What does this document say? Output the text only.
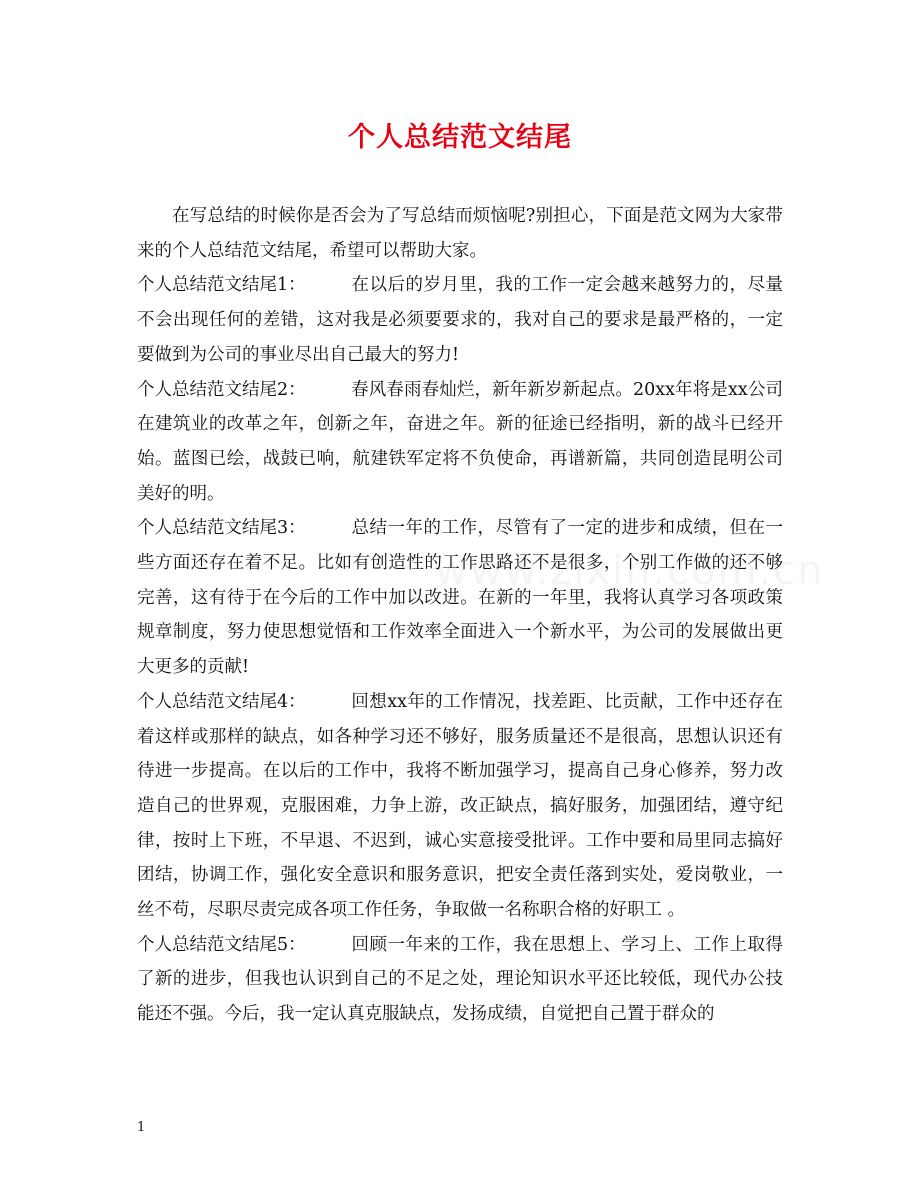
个人总结范文结尾

在写总结的时候你是否会为了写总结而烦恼呢?别担心，下面是范文网为大家带来的个人总结范文结尾，希望可以帮助大家。

个人总结范文结尾1：	在以后的岁月里，我的工作一定会越来越努力的，尽量不会出现任何的差错，这对我是必须要要求的，我对自己的要求是最严格的，一定要做到为公司的事业尽出自己最大的努力!

个人总结范文结尾2：	春风春雨春灿烂，新年新岁新起点。20xx年将是xx公司在建筑业的改革之年，创新之年，奋进之年。新的征途已经指明，新的战斗已经开始。蓝图已绘，战鼓已响，航建铁军定将不负使命，再谱新篇，共同创造昆明公司美好的明。

个人总结范文结尾3：	总结一年的工作，尽管有了一定的进步和成绩，但在一些方面还存在着不足。比如有创造性的工作思路还不是很多，个别工作做的还不够完善，这有待于在今后的工作中加以改进。在新的一年里，我将认真学习各项政策规章制度，努力使思想觉悟和工作效率全面进入一个新水平，为公司的发展做出更大更多的贡献!

个人总结范文结尾4：	回想xx年的工作情况，找差距、比贡献，工作中还存在着这样或那样的缺点，如各种学习还不够好，服务质量还不是很高，思想认识还有待进一步提高。在以后的工作中，我将不断加强学习，提高自己身心修养，努力改造自己的世界观，克服困难，力争上游，改正缺点，搞好服务，加强团结，遵守纪律，按时上下班，不早退、不迟到，诚心实意接受批评。工作中要和局里同志搞好团结，协调工作，强化安全意识和服务意识，把安全责任落到实处，爱岗敬业，一丝不苟，尽职尽责完成各项工作任务，争取做一名称职合格的好职工 。

个人总结范文结尾5：	回顾一年来的工作，我在思想上、学习上、工作上取得了新的进步，但我也认识到自己的不足之处，理论知识水平还比较低，现代办公技能还不强。今后，我一定认真克服缺点，发扬成绩，自觉把自己置于群众的

1
